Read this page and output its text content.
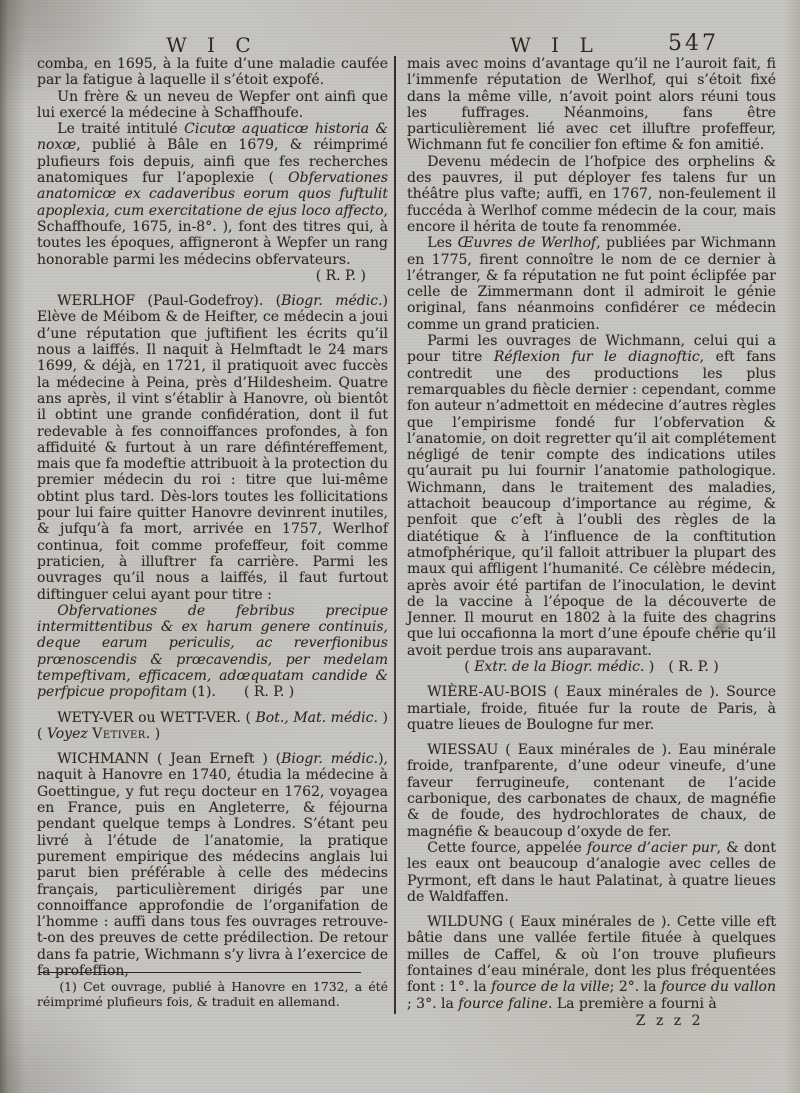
W I C	W I L	547

comba, en 1695, à la fuite d’une maladie caufée par la fatigue à laquelle il s’étoit expofé.

Un frère & un neveu de Wepfer ont ainfi que lui exercé la médecine à Schaffhoufe.

Le traité intitulé Cicutœ aquaticœ historia & noxœ, publié à Bâle en 1679, & réimprimé plufieurs fois depuis, ainfi que fes recherches anatomiques fur l’apoplexie ( Obfervationes anatomicœ ex cadaveribus eorum quos fuftulit apoplexia, cum exercitatione de ejus loco affecto, Schaffhoufe, 1675, in-8°. ), font des titres qui, à toutes les époques, affigneront à Wepfer un rang honorable parmi les médecins obfervateurs.

( R. P. )

WERLHOF (Paul-Godefroy). (Biogr. médic.) Elève de Méibom & de Heifter, ce médecin a joui d’une réputation que juftifient les écrits qu’il nous a laiffés. Il naquit à Helmftadt le 24 mars 1699, & déjà, en 1721, il pratiquoit avec fuccès la médecine à Peina, près d’Hildesheim. Quatre ans après, il vint s’établir à Hanovre, où bientôt il obtint une grande confidération, dont il fut redevable à fes connoiffances profondes, à fon affiduité & furtout à un rare défintéreffement, mais que fa modeftie attribuoit à la protection du premier médecin du roi : titre que lui-même obtint plus tard. Dès-lors toutes les follicitations pour lui faire quitter Hanovre devinrent inutiles, & jufqu’à fa mort, arrivée en 1757, Werlhof continua, foit comme profeffeur, foit comme praticien, à illuftrer fa carrière. Parmi les ouvrages qu’il nous a laiffés, il faut furtout diftinguer celui ayant pour titre :

Obfervationes de febribus precipue intermittentibus & ex harum genere continuis, deque earum periculis, ac reverfionibus prœnoscendis & prœcavendis, per medelam tempeftivam, efficacem, adœquatam candide & perfpicue propofitam (1).  ( R. P. )

WETY-VER ou WETT-VER. ( Bot., Mat. médic. ) ( Voyez Vetiver. )

WICHMANN ( Jean Erneft ) (Biogr. médic.), naquit à Hanovre en 1740, étudia la médecine à Goettingue, y fut reçu docteur en 1762, voyagea en France, puis en Angleterre, & féjourna pendant quelque temps à Londres. S’étant peu livré à l’étude de l’anatomie, la pratique purement empirique des médecins anglais lui parut bien préférable à celle des médecins français, particulièrement dirigés par une connoiffance approfondie de l’organifation de l’homme : auffi dans tous fes ouvrages retrouve-t-on des preuves de cette prédilection. De retour dans fa patrie, Wichmann s’y livra à l’exercice de fa profeffion,

mais avec moins d’avantage qu’il ne l’auroit fait, fi l’immenfe réputation de Werlhof, qui s’étoit fixé dans la même ville, n’avoit point alors réuni tous les fuffrages. Néanmoins, fans être particulièrement lié avec cet illuftre profeffeur, Wichmann fut fe concilier fon eftime & fon amitié.

Devenu médecin de l’hofpice des orphelins & des pauvres, il put déployer fes talens fur un théâtre plus vafte; auffi, en 1767, non-feulement il fuccéda à Werlhof comme médecin de la cour, mais encore il hérita de toute fa renommée.

Les Œuvres de Werlhof, publiées par Wichmann en 1775, firent connoître le nom de ce dernier à l’étranger, & fa réputation ne fut point éclipfée par celle de Zimmermann dont il admiroit le génie original, fans néanmoins confidérer ce médecin comme un grand praticien.

Parmi les ouvrages de Wichmann, celui qui a pour titre Réflexion fur le diagnoftic, eft fans contredit une des productions les plus remarquables du fiècle dernier : cependant, comme fon auteur n’admettoit en médecine d’autres règles que l’empirisme fondé fur l’obfervation & l’anatomie, on doit regretter qu’il ait complétement négligé de tenir compte des indications utiles qu’aurait pu lui fournir l’anatomie pathologique. Wichmann, dans le traitement des maladies, attachoit beaucoup d’importance au régime, & penfoit que c’eft à l’oubli des règles de la diatétique & à l’influence de la conftitution atmofphérique, qu’il falloit attribuer la plupart des maux qui affligent l’humanité. Ce célèbre médecin, après avoir été partifan de l’inoculation, le devint de la vaccine à l’époque de la découverte de Jenner. Il mourut en 1802 à la fuite des chagrins que lui occafionna la mort d’une époufe chérie qu’il avoit perdue trois ans auparavant.

( Extr. de la Biogr. médic. )  ( R. P. )

WIÈRE-AU-BOIS ( Eaux minérales de ). Source martiale, froide, fituée fur la route de Paris, à quatre lieues de Boulogne fur mer.

WIESSAU ( Eaux minérales de ). Eau minérale froide, tranfparente, d’une odeur vineufe, d’une faveur ferrugineufe, contenant de l’acide carbonique, des carbonates de chaux, de magnéfie & de foude, des hydrochlorates de chaux, de magnéfie & beaucoup d’oxyde de fer.

Cette fource, appelée fource d’acier pur, & dont les eaux ont beaucoup d’analogie avec celles de Pyrmont, eft dans le haut Palatinat, à quatre lieues de Waldfaffen.

WILDUNG ( Eaux minérales de ). Cette ville eft bâtie dans une vallée fertile fituée à quelques milles de Caffel, & où l’on trouve plufieurs fontaines d’eau minérale, dont les plus fréquentées font : 1°. la fource de la ville; 2°. la fource du vallon ; 3°. la fource faline. La première a fourni à

Z z z 2

(1) Cet ouvrage, publié à Hanovre en 1732, a été réimprimé plufieurs fois, & traduit en allemand.
